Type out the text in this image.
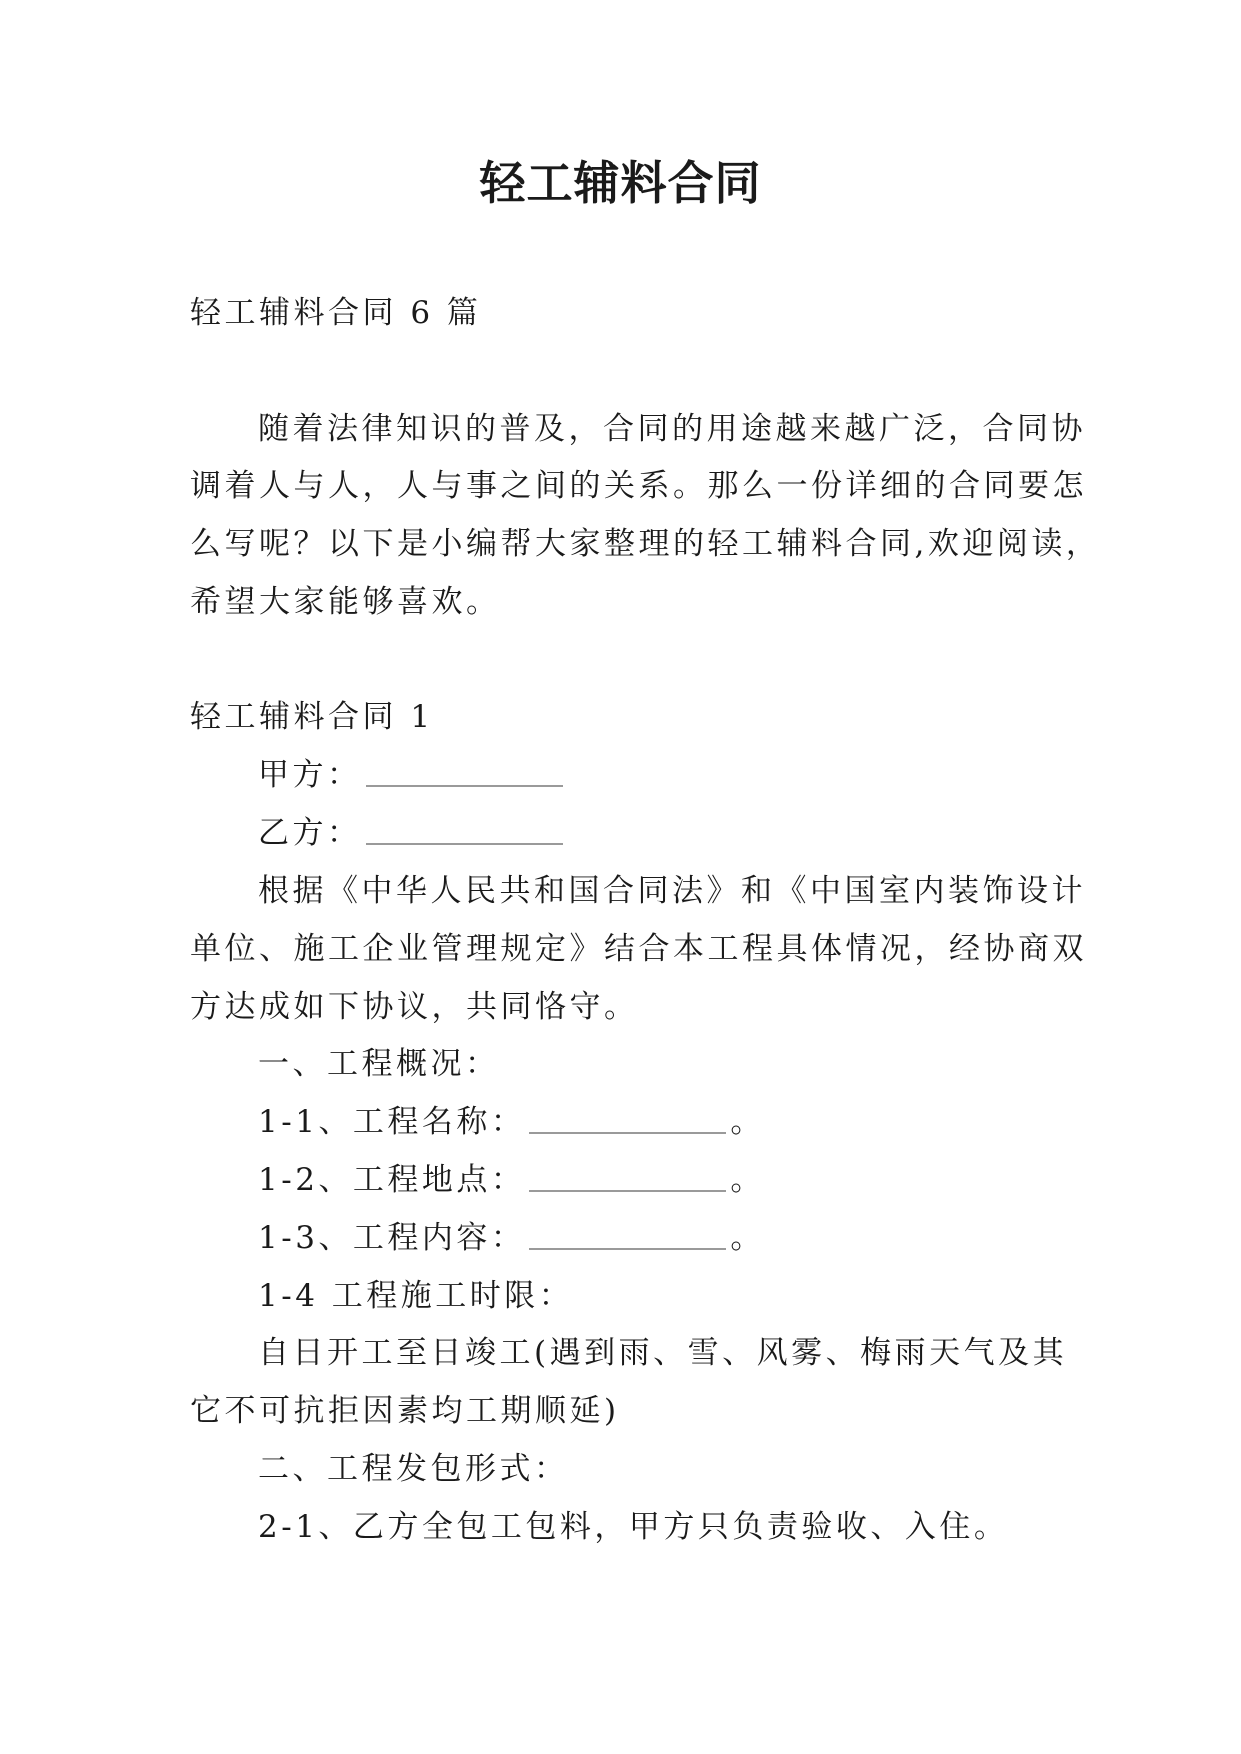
轻工辅料合同
轻工辅料合同 6 篇
随着法律知识的普及，合同的用途越来越广泛，合同协
调着人与人，人与事之间的关系。那么一份详细的合同要怎
么写呢？以下是小编帮大家整理的轻工辅料合同,欢迎阅读，
希望大家能够喜欢。
轻工辅料合同 1
甲方：
乙方：
根据《中华人民共和国合同法》和《中国室内装饰设计
单位、施工企业管理规定》结合本工程具体情况，经协商双
方达成如下协议，共同恪守。
一、工程概况：
1-1、工程名称：	。
1-2、工程地点：	。
1-3、工程内容：	。
1-4 工程施工时限：
自日开工至日竣工(遇到雨、雪、风雾、梅雨天气及其
它不可抗拒因素均工期顺延)
二、工程发包形式：
2-1、乙方全包工包料，甲方只负责验收、入住。
